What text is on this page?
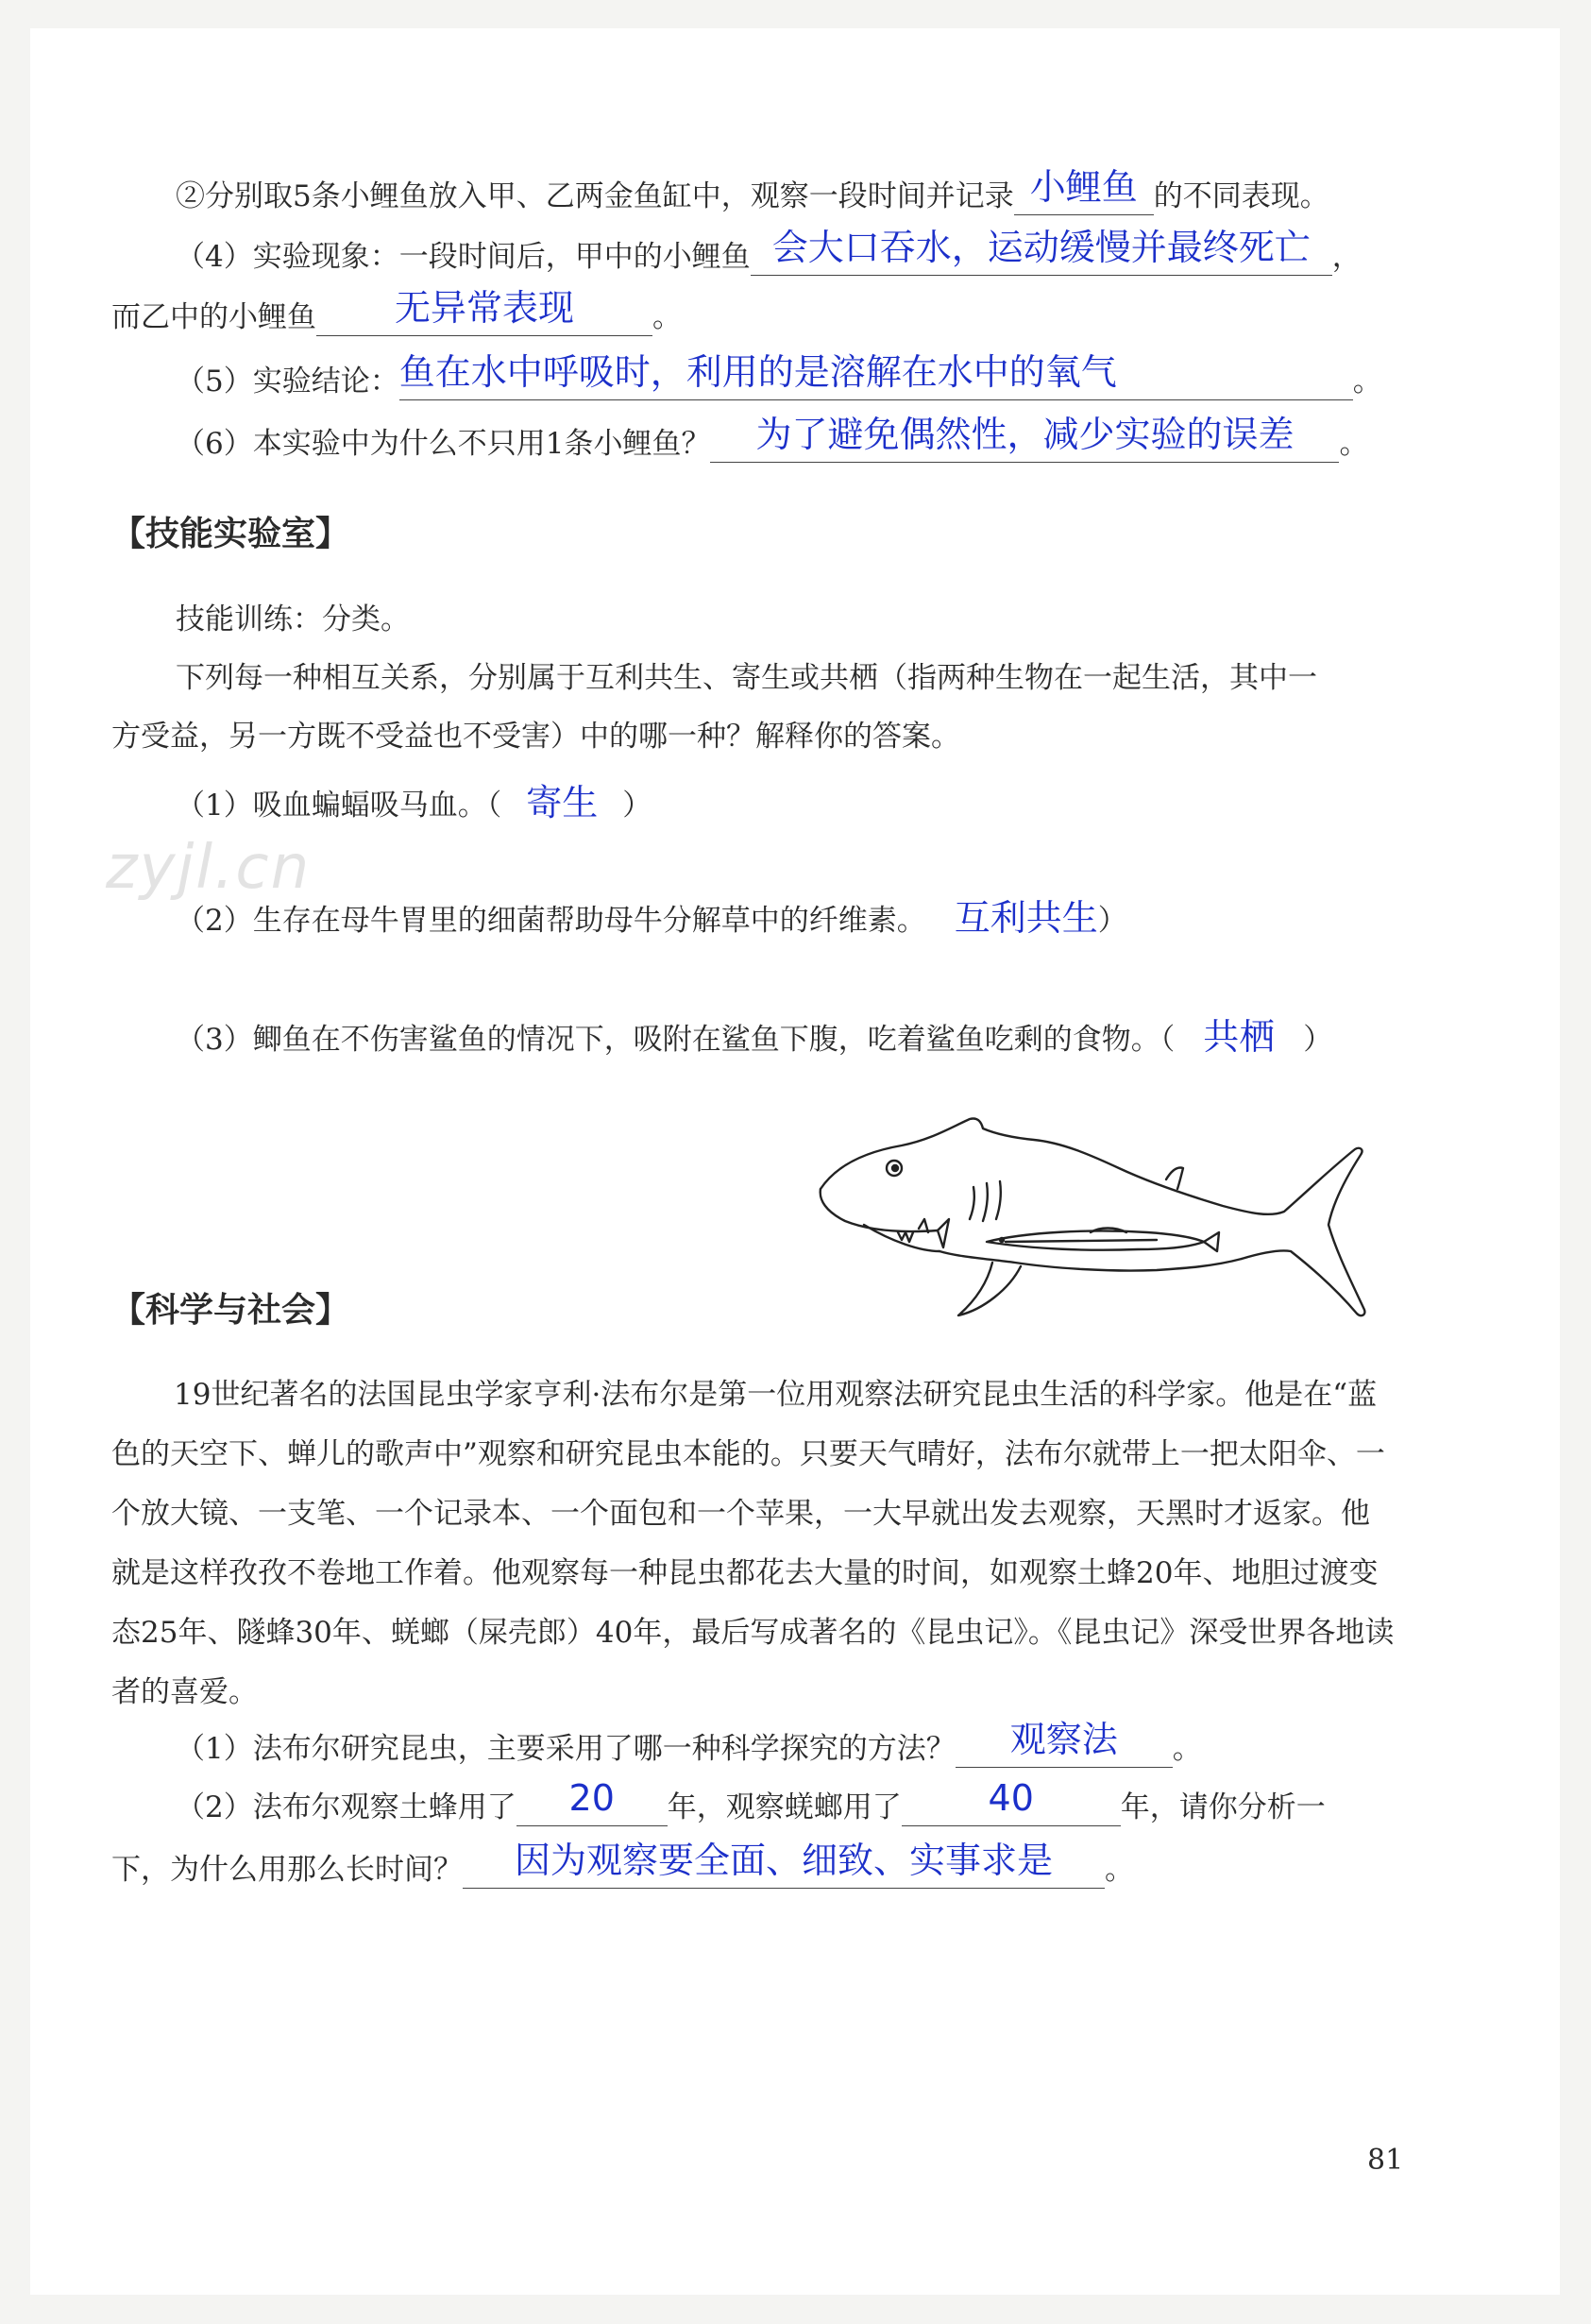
②分别取5条小鲤鱼放入甲、乙两金鱼缸中，观察一段时间并记录 小鲤鱼 的不同表现。
（4）实验现象：一段时间后，甲中的小鲤鱼 会大口吞水，运动缓慢并最终死亡 ，
而乙中的小鲤鱼	无异常表现	。
（5）实验结论： 鱼在水中呼吸时，利用的是溶解在水中的氧气	。
（6）本实验中为什么不只用1条小鲤鱼？	为了避免偶然性，减少实验的误差	。
【技能实验室】
技能训练：分类。
下列每一种相互关系，分别属于互利共生、寄生或共栖（指两种生物在一起生活，其中一
方受益，另一方既不受益也不受害）中的哪一种？解释你的答案。
（1）吸血蝙蝠吸马血。（ 寄生 ）
zyjl.cn
（2）生存在母牛胃里的细菌帮助母牛分解草中的纤维素。 互利共生）
（3）鲫鱼在不伤害鲨鱼的情况下，吸附在鲨鱼下腹，吃着鲨鱼吃剩的食物。（ 共栖 ）
【科学与社会】
19世纪著名的法国昆虫学家亨利·法布尔是第一位用观察法研究昆虫生活的科学家。他是在“蓝色的天空下、蝉儿的歌声中”观察和研究昆虫本能的。只要天气晴好，法布尔就带上一把太阳伞、一个放大镜、一支笔、一个记录本、一个面包和一个苹果，一大早就出发去观察，天黑时才返家。他就是这样孜孜不卷地工作着。他观察每一种昆虫都花去大量的时间，如观察土蜂20年、地胆过渡变态25年、隧蜂30年、蜣螂（屎壳郎）40年，最后写成著名的《昆虫记》。《昆虫记》深受世界各地读者的喜爱。
（1）法布尔研究昆虫，主要采用了哪一种科学探究的方法？	观察法	。
（2）法布尔观察土蜂用了	20	年，观察蜣螂用了	40	年，请你分析一
下，为什么用那么长时间？	因为观察要全面、细致、实事求是	。
81
